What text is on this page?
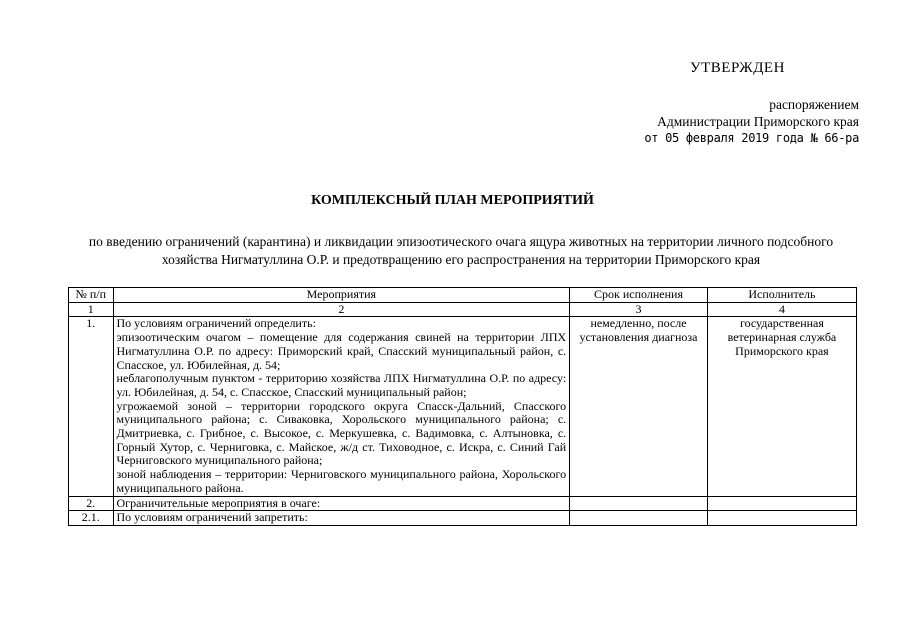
УТВЕРЖДЕН
распоряжением
Администрации Приморского края
от 05 февраля 2019 года № 66-ра
КОМПЛЕКСНЫЙ ПЛАН МЕРОПРИЯТИЙ
по введению ограничений (карантина) и ликвидации эпизоотического очага ящура животных на территории личного подсобного хозяйства Нигматуллина О.Р. и предотвращению его распространения на территории Приморского края
№ п/п	Мероприятия	Срок исполнения	Исполнитель
1	2	3	4
1.	По условиям ограничений определить:
эпизоотическим очагом – помещение для содержания свиней на территории ЛПХ Нигматуллина О.Р. по адресу: Приморский край, Спасский муниципальный район, с. Спасское, ул. Юбилейная, д. 54;
неблагополучным пунктом - территорию хозяйства ЛПХ Нигматуллина О.Р. по адресу: ул. Юбилейная, д. 54, с. Спасское, Спасский муниципальный район;
угрожаемой зоной – территории городского округа Спасск-Дальний, Спасского муниципального района; с. Сиваковка, Хорольского муниципального района; с. Дмитриевка, с. Грибное, с. Высокое, с. Меркушевка, с. Вадимовка, с. Алтыновка, с. Горный Хутор, с. Черниговка, с. Майское, ж/д ст. Тиховодное, с. Искра, с. Синий Гай Черниговского муниципального района;
зоной наблюдения – территории: Черниговского муниципального района, Хорольского муниципального района.	немедленно, после установления диагноза	государственная ветеринарная служба Приморского края
2.	Ограничительные мероприятия в очаге:		
2.1.	По условиям ограничений запретить:		
